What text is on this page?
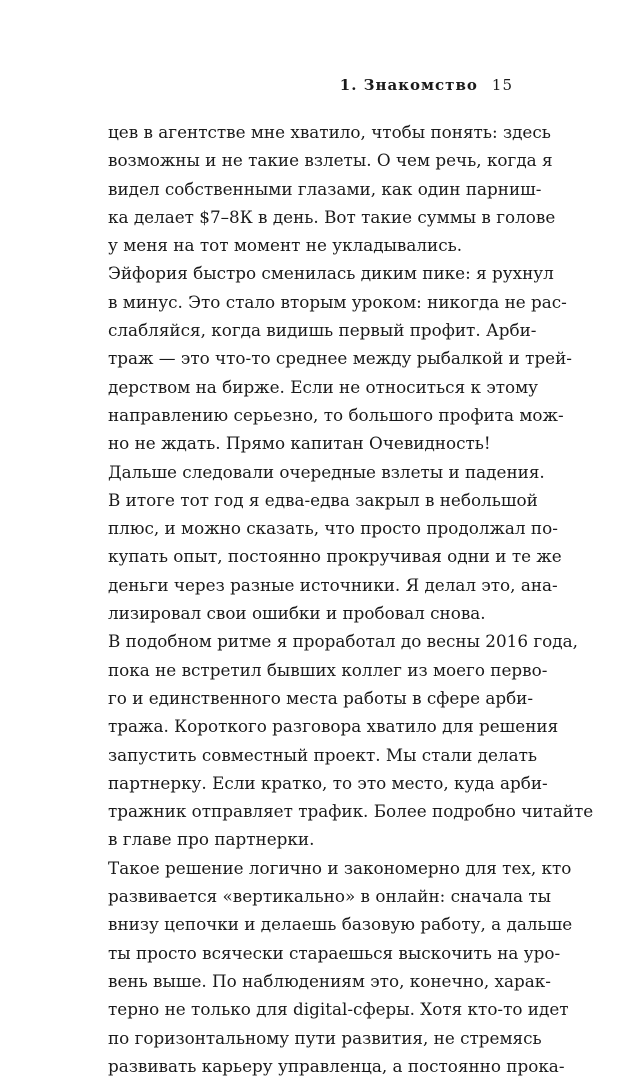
1. Знакомство 15
цев в агентстве мне хватило, чтобы понять: здесь
возможны и не такие взлеты. О чем речь, когда я
видел собственными глазами, как один парниш-
ка делает $7–8К в день. Вот такие суммы в голове
у меня на тот момент не укладывались.
Эйфория быстро сменилась диким пике: я рухнул
в минус. Это стало вторым уроком: никогда не рас-
слабляйся, когда видишь первый профит. Арби-
траж — это что-то среднее между рыбалкой и трей-
дерством на бирже. Если не относиться к этому
направлению серьезно, то большого профита мож-
но не ждать. Прямо капитан Очевидность!
Дальше следовали очередные взлеты и падения.
В итоге тот год я едва-едва закрыл в небольшой
плюс, и можно сказать, что просто продолжал по-
купать опыт, постоянно прокручивая одни и те же
деньги через разные источники. Я делал это, ана-
лизировал свои ошибки и пробовал снова.
В подобном ритме я проработал до весны 2016 года,
пока не встретил бывших коллег из моего перво-
го и единственного места работы в сфере арби-
тража. Короткого разговора хватило для решения
запустить совместный проект. Мы стали делать
партнерку. Если кратко, то это место, куда арби-
тражник отправляет трафик. Более подробно читайте
в главе про партнерки.
Такое решение логично и закономерно для тех, кто
развивается «вертикально» в онлайн: сначала ты
внизу цепочки и делаешь базовую работу, а дальше
ты просто всячески стараешься выскочить на уро-
вень выше. По наблюдениям это, конечно, харак-
терно не только для digital-сферы. Хотя кто-то идет
по горизонтальному пути развития, не стремясь
развивать карьеру управленца, а постоянно прока-
